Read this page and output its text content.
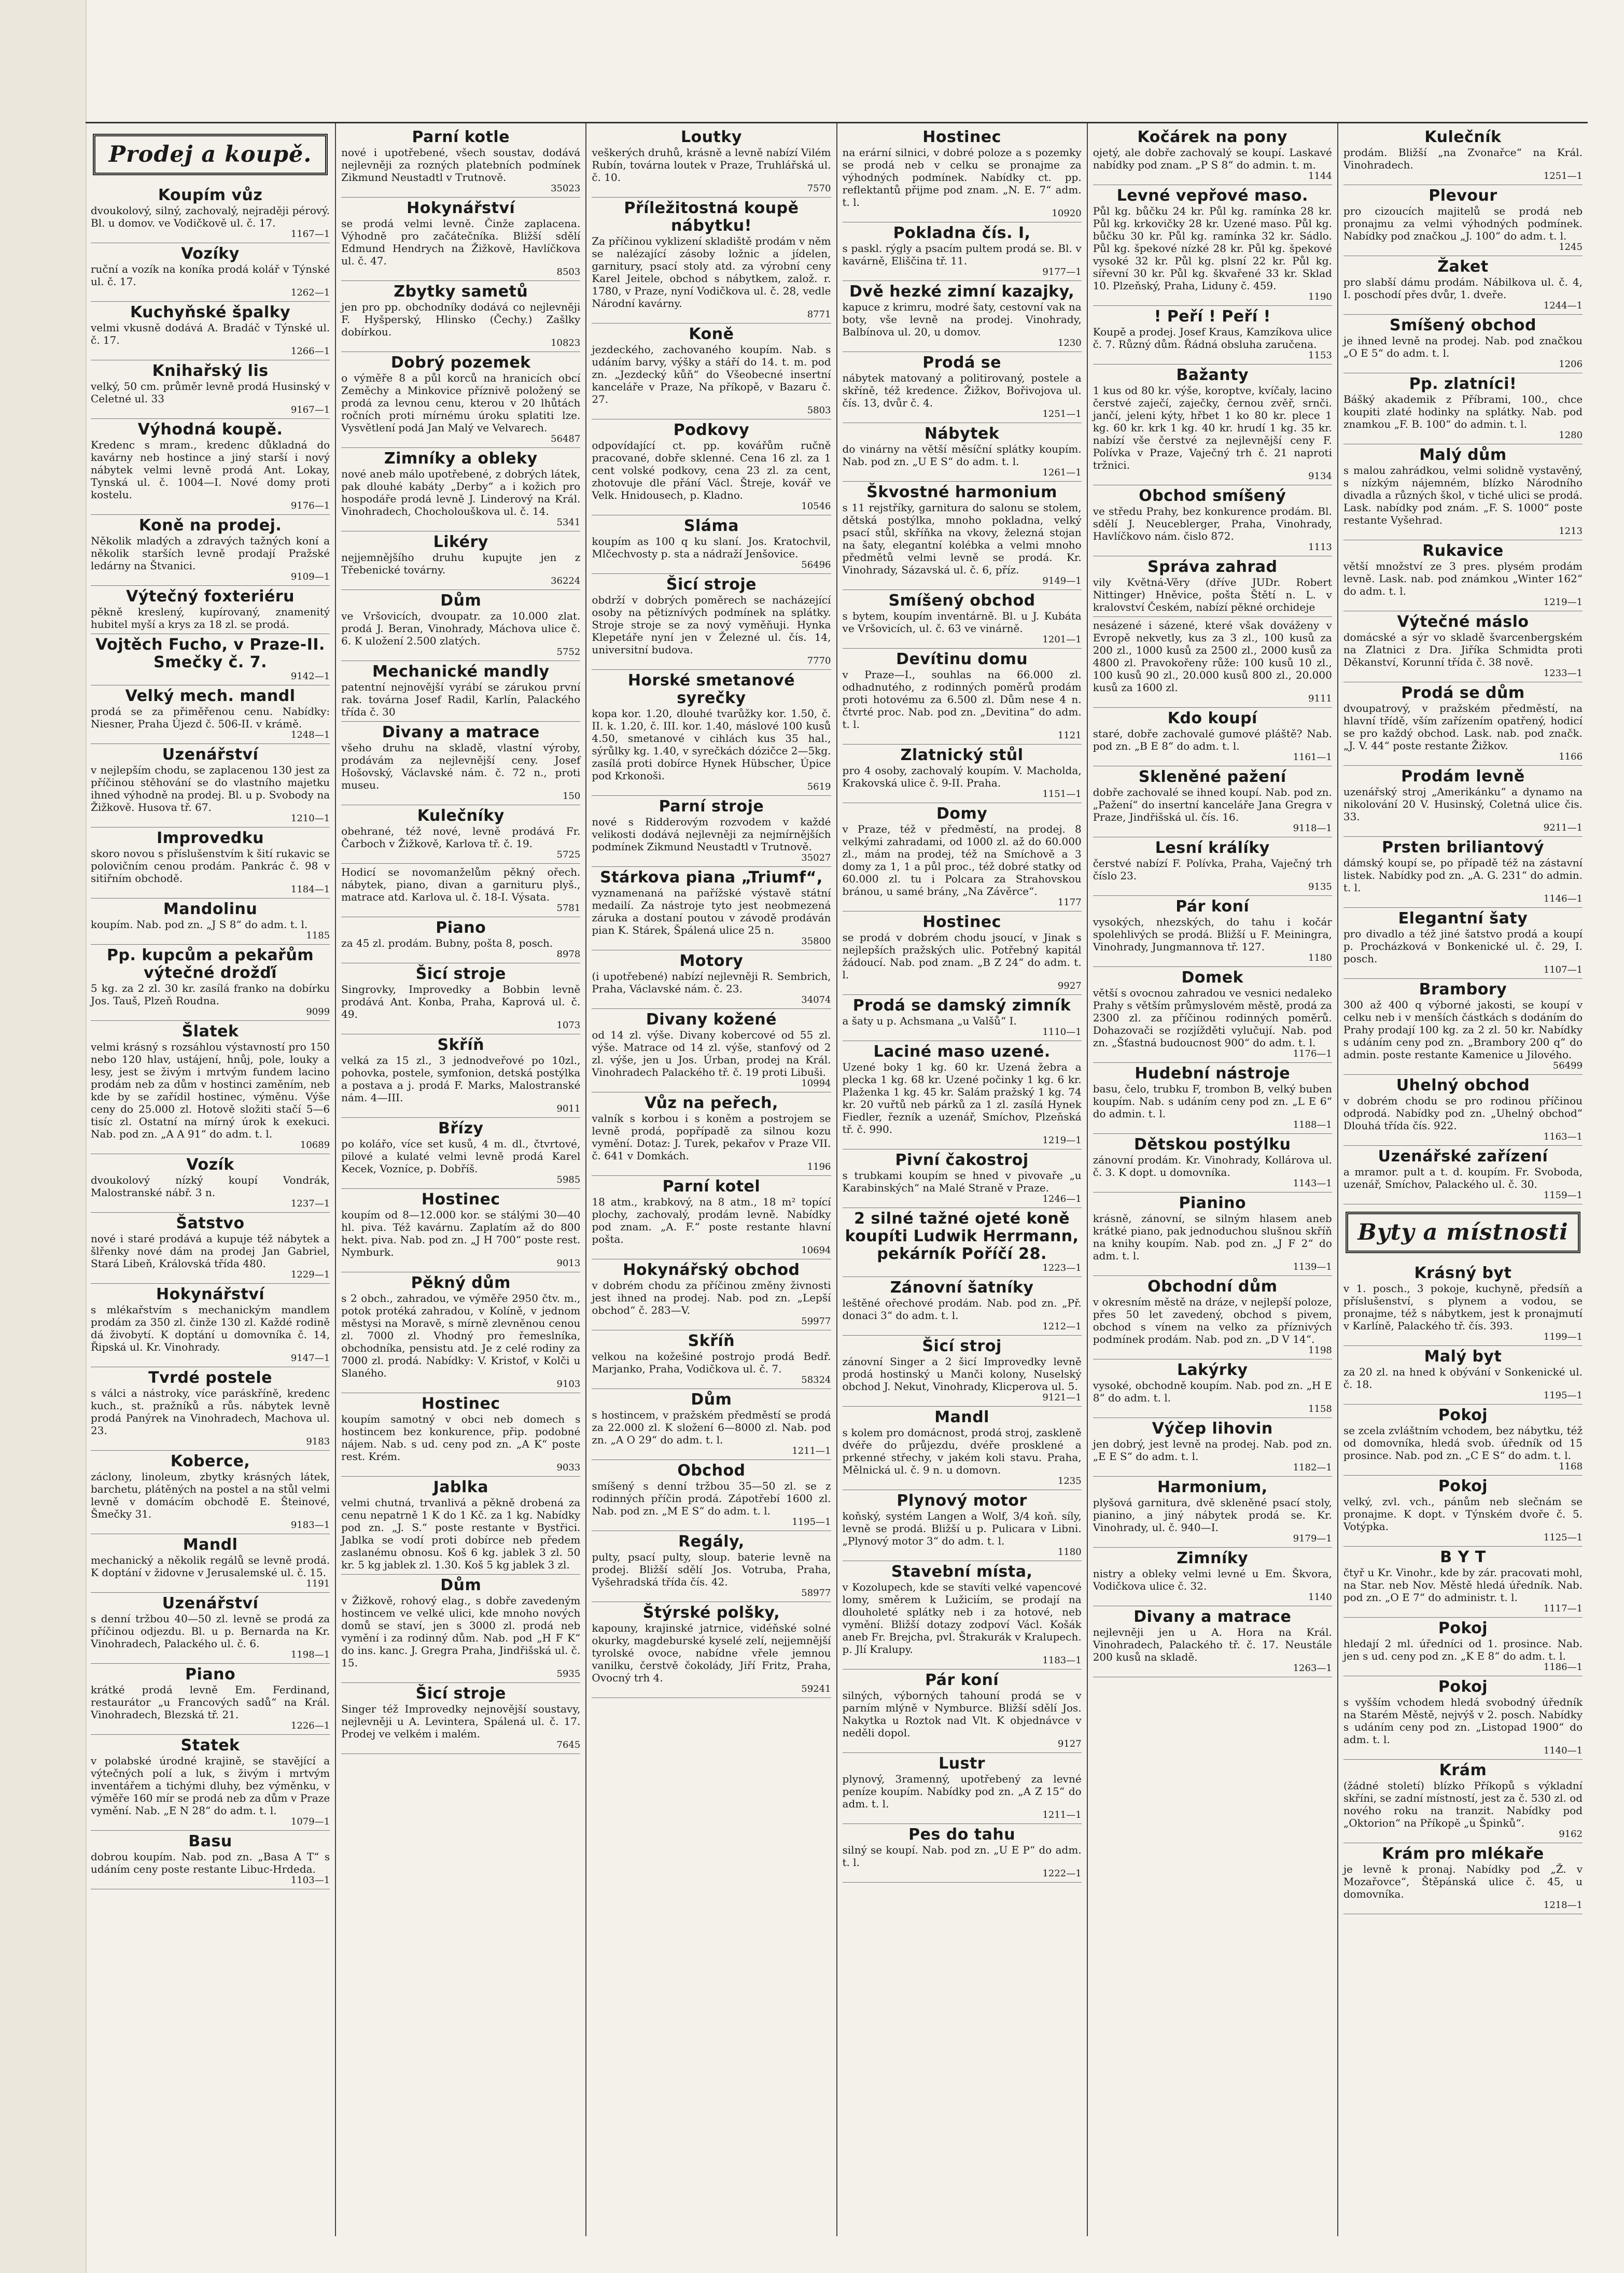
Prodej a koupě.
Koupím vůz

dvoukolový, silný, zachovalý, nejraději pérový. Bl. u domov. ve Vodičkově ul. č. 17.

1167—1
Vozíky

ruční a vozík na koníka prodá kolář v Týnské ul. č. 17.

1262—1
Kuchyňské špalky

velmi vkusně dodává A. Bradáč v Týnské ul. č. 17.

1266—1
Knihařský lis

velký, 50 cm. průměr levně prodá Husinský v Celetné ul. 33

9167—1
Výhodná koupě.

Kredenc s mram., kredenc důkladná do kavárny neb hostince a jiný starší i nový nábytek velmi levně prodá Ant. Lokay, Tynská ul. č. 1004—I. Nové domy proti kostelu.

9176—1
Koně na prodej.

Několik mladých a zdravých tažných koní a několik starších levně prodají Pražské ledárny na Štvanici.

9109—1
Výtečný foxteriéru

pěkně kreslený, kupírovaný, znamenitý hubitel myší a krys za 18 zl. se prodá.

Vojtěch Fucho, v Praze-II. Smečky č. 7.
9142—1
Velký mech. mandl

prodá se za přiměřenou cenu. Nabídky: Niesner, Praha Újezd č. 506-II. v krámě.

1248—1
Uzenářství

v nejlepším chodu, se zaplacenou 130 jest za příčinou stěhování se do vlastního majetku ihned výhodně na prodej. Bl. u p. Svobody na Žižkově. Husova tř. 67.

1210—1
Improvedku

skoro novou s příslušenstvím k šití rukavic se polovičním cenou prodám. Pankrác č. 98 v sitiřním obchodě.

1184—1
Mandolinu

koupím. Nab. pod zn. „J S 8“ do adm. t. l.

1185
Pp. kupcům a pekařům výtečné drožďí

5 kg. za 2 zl. 30 kr. zasílá franko na dobírku Jos. Tauš, Plzeň Roudna.

9099
Šlatek

velmi krásný s rozsáhlou výstavností pro 150 nebo 120 hlav, ustájení, hnůj, pole, louky a lesy, jest se živým i mrtvým fundem lacino prodám neb za dům v hostinci zaměním, neb kde by se zařídil hostinec, výměnu. Výše ceny do 25.000 zl. Hotově složiti stačí 5—6 tisíc zl. Ostatní na mírný úrok k exekuci. Nab. pod zn. „A A 91“ do adm. t. l.

10689
Vozík

dvoukolový nízký koupí Vondrák, Malostranské nábř. 3 n.

1237—1
Šatstvo

nové i staré prodává a kupuje též nábytek a šlřenky nové dám na prodej Jan Gabriel, Stará Libeň, Královská třída 480.

1229—1
Hokynářství

s mlékařstvím s mechanickým mandlem prodám za 350 zl. činže 130 zl. Každé rodině dá živobytí. K doptání u domovníka č. 14, Řipská ul. Kr. Vinohrady.

9147—1
Tvrdé postele

s válci a nástroky, více paráskříně, kredenc kuch., st. pražníků a růs. nábytek levně prodá Panýrek na Vinohradech, Machova ul. 23.

9183
Koberce,

záclony, linoleum, zbytky krásných látek, barchetu, plátěných na postel a na stůl velmi levně v domácím obchodě E. Šteinové, Šmečky 31.

9183—1
Mandl

mechanický a několik regálů se levně prodá. K doptání v židovne v Jerusalemské ul. č. 15.

1191
Uzenářství

s denní tržbou 40—50 zl. levně se prodá za příčinou odjezdu. Bl. u p. Bernarda na Kr. Vinohradech, Palackého ul. č. 6.

1198—1
Piano

krátké prodá levně Em. Ferdinand, restaurátor „u Francových sadů“ na Král. Vinohradech, Blezská tř. 21.

1226—1
Statek

v polabské úrodné krajině, se stavějící a výtečných polí a luk, s živým i mrtvým inventářem a tichými dluhy, bez výměnku, v výměře 160 mír se prodá neb za dům v Praze vymění. Nab. „E N 28“ do adm. t. l.

1079—1
Basu

dobrou koupím. Nab. pod zn. „Basa A T“ s udáním ceny poste restante Libuc-Hrdeda.

1103—1
Parní kotle

nové i upotřebené, všech soustav, dodává nejlevněji za rozných platebních podmínek Zikmund Neustadtl v Trutnově.

35023
Hokynářství

se prodá velmi levně. Činže zaplacena. Výhodně pro začátečníka. Bližší sdělí Edmund Hendrych na Žižkově, Havlíčkova ul. č. 47.

8503
Zbytky sametů

jen pro pp. obchodníky dodává co nejlevněji F. Hyšperský, Hlinsko (Čechy.) Zašlky dobírkou.

10823
Dobrý pozemek

o výměře 8 a půl korců na hranicích obcí Zeměchy a Minkovice příznivě položený se prodá za levnou cenu, kterou v 20 lhůtách ročních proti mírnému úroku splatiti lze. Vysvětlení podá Jan Malý ve Velvarech.

56487
Zimníky a obleky

nové aneb málo upotřebené, z dobrých látek, pak dlouhé kabáty „Derby“ a i kožich pro hospodáře prodá levně J. Linderový na Král. Vinohradech, Chocholouškova ul. č. 14.

5341
Likéry

nejjemnějšího druhu kupujte jen z Třebenické továrny.

36224
Dům

ve Vršovicích, dvoupatr. za 10.000 zlat. prodá J. Beran, Vinohrady, Máchova ulice č. 6. K uložení 2.500 zlatých.

5752
Mechanické mandly

patentní nejnovější vyrábí se zárukou první rak. továrna Josef Radil, Karlín, Palackého třída č. 30

Divany a matrace

všeho druhu na skladě, vlastní výroby, prodávám za nejlevnější ceny. Josef Hošovský, Václavské nám. č. 72 n., proti museu.

150
Kulečníky

obehrané, též nové, levně prodává Fr. Čarboch v Žižkově, Karlova tř. č. 19.

5725

Hodicí se novomanželům pěkný ořech. nábytek, piano, divan a garnituru plyš., matrace atd. Karlova ul. č. 18-I. Výsata.

5781
Piano

za 45 zl. prodám. Bubny, pošta 8, posch.

8978
Šicí stroje

Singrovky, Improvedky a Bobbin levně prodává Ant. Konba, Praha, Kaprová ul. č. 49.

1073
Skříň

velká za 15 zl., 3 jednodveřové po 10zl., pohovka, postele, symfonion, detská postýlka a postava a j. prodá F. Marks, Malostranské nám. 4—III.

9011
Břízy

po kolářo, více set kusů, 4 m. dl., čtvrtové, pilové a kulaté velmi levně prodá Karel Kecek, Vozníce, p. Dobříš.

5985
Hostinec

koupím od 8—12.000 kor. se stálými 30—40 hl. piva. Též kavárnu. Zaplatím až do 800 hekt. piva. Nab. pod zn. „J H 700“ poste rest. Nymburk.

9013
Pěkný dům

s 2 obch., zahradou, ve výměře 2950 čtv. m., potok protéká zahradou, v Kolíně, v jednom městysi na Moravě, s mírně zlevněnou cenou zl. 7000 zl. Vhodný pro řemeslníka, obchodníka, pensistu atd. Je z celé rodiny za 7000 zl. prodá. Nabídky: V. Kristof, v Kolči u Slaného.

9103
Hostinec

koupím samotný v obci neb domech s hostincem bez konkurence, přip. podobné nájem. Nab. s ud. ceny pod zn. „A K“ poste rest. Krém.

9033
Jablka

velmi chutná, trvanlivá a pěkně drobená za cenu nepatrně 1 K do 1 Kč. za 1 kg. Nabídky pod zn. „J. S.“ poste restante v Bystřici. Jablka se vodí proti dobírce neb předem zaslanému obnosu. Koš 6 kg. jablek 3 zl. 50 kr. 5 kg jablek zl. 1.30. Koš 5 kg jablek 3 zl.

Dům

v Žižkově, rohový elag., s dobře zavedeným hostincem ve velké ulici, kde mnoho nových domů se staví, jen s 3000 zl. prodá neb vymění i za rodinný dům. Nab. pod „H F K“ do ins. kanc. J. Gregra Praha, Jindřišská ul. č. 15.

5935
Šicí stroje

Singer též Improvedky nejnovější soustavy, nejlevněji u A. Levintera, Spálená ul. č. 17. Prodej ve velkém i malém.

7645
Loutky

veškerých druhů, krásně a levně nabízí Vilém Rubín, továrna loutek v Praze, Truhlářská ul. č. 10.

7570
Příležitostná koupě nábytku!

Za příčinou vyklizení skladiště prodám v něm se nalézající zásoby ložnic a jídelen, garnitury, psací stoly atd. za výrobní ceny Karel Jeitele, obchod s nábytkem, založ. r. 1780, v Praze, nyní Vodičkova ul. č. 28, vedle Národní kavárny.

8771
Koně

jezdeckého, zachovaného koupím. Nab. s udáním barvy, výšky a stáří do 14. t. m. pod zn. „Jezdecký kůň“ do Všeobecné insertní kanceláře v Praze, Na příkopě, v Bazaru č. 27.

5803
Podkovy

odpovídající ct. pp. kovářům ručně pracované, dobře sklenné. Cena 16 zl. za 1 cent volské podkovy, cena 23 zl. za cent, zhotovuje dle přání Václ. Štreje, kovář ve Velk. Hnidousech, p. Kladno.

10546
Sláma

koupím as 100 q ku slaní. Jos. Kratochvil, Mlčechvosty p. sta a nádraží Jenšovice.

56496
Šicí stroje

obdrží v dobrých poměrech se nacházející osoby na pětiznívých podmínek na splátky. Stroje stroje se za nový vyměňuji. Hynka Klepetáře nyní jen v Železné ul. čís. 14, universitní budova.

7770
Horské smetanové syrečky

kopa kor. 1.20, dlouhé tvarůžky kor. 1.50, č. II. k. 1.20, č. III. kor. 1.40, máslové 100 kusů 4.50, smetanové v cihlách kus 35 hal., sýrůlky kg. 1.40, v syrečkách dózičce 2—5kg. zasílá proti dobírce Hynek Hübscher, Úpice pod Krkonoši.

5619
Parní stroje

nové s Ridderovým rozvodem v každé velikosti dodává nejlevněji za nejmírnějších podmínek Zikmund Neustadtl v Trutnově.

35027
Stárkova piana „Triumf“,

vyznamenaná na pařížské výstavě státní medailí. Za nástroje tyto jest neobmezená záruka a dostaní poutou v závodě prodáván pian K. Stárek, Špálená ulice 25 n.

35800
Motory

(i upotřebené) nabízí nejlevněji R. Sembrich, Praha, Václavské nám. č. 23.

34074
Divany kožené

od 14 zl. výše. Divany kobercové od 55 zl. výše. Matrace od 14 zl. výše, stanfový od 2 zl. výše, jen u Jos. Úrban, prodej na Král. Vinohradech Palackého tř. č. 19 proti Libuši.

10994
Vůz na peřech,

valník s korbou i s koněm a postrojem se levně prodá, popřípadě za silnou kozu vymění. Dotaz: J. Turek, pekařov v Praze VII. č. 641 v Domkách.

1196
Parní kotel

18 atm., krabkový, na 8 atm., 18 m² topící plochy, zachovalý, prodám levně. Nabídky pod znam. „A. F.“ poste restante hlavní pošta.

10694
Hokynářský obchod

v dobrém chodu za příčinou změny živnosti jest ihned na prodej. Nab. pod zn. „Lepší obchod“ č. 283—V.

59977
Skříň

velkou na kožešiné postrojo prodá Bedř. Marjanko, Praha, Vodičkova ul. č. 7.

58324
Dům

s hostincem, v pražském předměstí se prodá za 22.000 zl. K složení 6—8000 zl. Nab. pod zn. „A O 29“ do adm. t. l.

1211—1
Obchod

smíšený s denní tržbou 35—50 zl. se z rodinných příčin prodá. Zápotřebí 1600 zl. Nab. pod zn. „M E S“ do adm. t. l.

1195—1
Regály,

pulty, psací pulty, sloup. baterie levně na prodej. Bližší sdělí Jos. Votruba, Praha, Vyšehradská třída čís. 42.

58977
Štýrské polšky,

kapouny, krajinské jatrnice, vidéňské solné okurky, magdeburské kyselé zelí, nejjemnější tyrolské ovoce, nabídne vřele jemnou vanilku, čerstvě čokolády, Jiří Fritz, Praha, Ovocný trh 4.

59241
Hostinec

na erární silnici, v dobré poloze a s pozemky se prodá neb v celku se pronajme za výhodných podmínek. Nabídky ct. pp. reflektantů přijme pod znam. „N. E. 7“ adm. t. l.

10920
Pokladna čís. I,

s paskl. rýgly a psacím pultem prodá se. Bl. v kavárně, Eliščina tř. 11.

9177—1
Dvě hezké zimní kazajky,

kapuce z krimru, modré šaty, cestovní vak na boty, vše levně na prodej. Vinohrady, Balbínova ul. 20, u domov.

1230
Prodá se

nábytek matovaný a politirovaný, postele a skříně, též kredence. Žižkov, Bořivojova ul. čís. 13, dvůr č. 4.

1251—1
Nábytek

do vinárny na větší měsíční splátky koupím. Nab. pod zn. „U E S“ do adm. t. l.

1261—1
Škvostné harmonium

s 11 rejstříky, garnitura do salonu se stolem, dětská postýlka, mnoho pokladna, velký psací stůl, skříňka na vkovy, železná stojan na šaty, elegantní kolébka a velmi mnoho předmětů velmi levně se prodá. Kr. Vinohrady, Sázavská ul. č. 6, příz.

9149—1
Smíšený obchod

s bytem, koupím inventárně. Bl. u J. Kubáta ve Vršovicích, ul. č. 63 ve vinárně.

1201—1
Devítinu domu

v Praze—I., souhlas na 66.000 zl. odhadnutého, z rodinných poměrů prodám proti hotovému za 6.500 zl. Dům nese 4 n. čtvrté proc. Nab. pod zn. „Devitina“ do adm. t. l.

1121
Zlatnický stůl

pro 4 osoby, zachovalý koupím. V. Macholda, Krakovská ulice č. 9-II. Praha.

1151—1
Domy

v Praze, též v předměstí, na prodej. 8 velkými zahradami, od 1000 zl. až do 60.000 zl., mám na prodej, též na Smíchově a 3 domy za 1, 1 a půl proc., též dobré statky od 60.000 zl. tu i Polcara za Strahovskou bránou, u samé brány, „Na Závěrce“.

1177
Hostinec

se prodá v dobrém chodu jsoucí, v Jinak s nejlepších pražských ulic. Potřebný kapitál žádoucí. Nab. pod znam. „B Z 24“ do adm. t. l.

9927
Prodá se damský zimník

a šaty u p. Achsmana „u Valšů“ I.

1110—1
Laciné maso uzené.

Uzené boky 1 kg. 60 kr. Uzená žebra a plecka 1 kg. 68 kr. Uzené počinky 1 kg. 6 kr. Plaženka 1 kg. 45 kr. Salám pražský 1 kg. 74 kr. 20 vuřtů neb párků za 1 zl. zasílá Hynek Fiedler, řezník a uzenář, Smíchov, Plzeňská tř. č. 990.

1219—1
Pivní čakostroj

s trubkami koupím se hned v pivovaře „u Karabinských“ na Malé Straně v Praze.

1246—1
2 silné tažné ojeté koně koupíti Ludwik Herrmann, pekárník Poříčí 28.
1223—1
Zánovní šatníky

leštěné ořechové prodám. Nab. pod zn. „Př. donaci 3“ do adm. t. l.

1212—1
Šicí stroj

zánovní Singer a 2 šicí Improvedky levně prodá hostinský u Manči kolony, Nuselský obchod J. Nekut, Vinohrady, Klicperova ul. 5.

9121—1
Mandl

s kolem pro domácnost, prodá stroj, zaskleně dvéře do průjezdu, dvéře prosklené a prkenné střechy, v jakém koli stavu. Praha, Mělnická ul. č. 9 n. u domovn.

1235
Plynový motor

koňský, systém Langen a Wolf, 3/4 koň. síly, levně se prodá. Bližší u p. Pulicara v Libni. „Plynový motor 3“ do adm. t. l.

1180
Stavební místa,

v Kozolupech, kde se stavíti velké vapencové lomy, směrem k Lužiciím, se prodají na dlouholeté splátky neb i za hotové, neb vymění. Bližší dotazy zodpoví Václ. Košák aneb Fr. Brejcha, pvl. Štrakurák v Kralupech. p. Jlí Kralupy.

1183—1
Pár koní

silných, výborných tahouní prodá se v parním mlýně v Nymburce. Bližší sdělí Jos. Nakytka u Roztok nad Vlt. K objednávce v neděli dopol.

9127
Lustr

plynový, 3ramenný, upotřebený za levné peníze koupím. Nabídky pod zn. „A Z 15“ do adm. t. l.

1211—1
Pes do tahu

silný se koupí. Nab. pod zn. „U E P“ do adm. t. l.

1222—1
Kočárek na pony

ojetý, ale dobře zachovalý se koupí. Laskavé nabídky pod znam. „P S 8“ do admin. t. m.

1144
Levné vepřové maso.

Půl kg. bůčku 24 kr. Půl kg. ramínka 28 kr. Půl kg. krkovičky 28 kr. Uzené maso. Půl kg. bůčku 30 kr. Půl kg. ramínka 32 kr. Sádlo. Půl kg. špekové nízké 28 kr. Půl kg. špekové vysoké 32 kr. Půl kg. plsní 22 kr. Půl kg. sířevní 30 kr. Půl kg. škvařené 33 kr. Sklad 10. Plzeňský, Praha, Liduny č. 459.

1190
! Peří ! Peří !

Koupě a prodej. Josef Kraus, Kamzíkova ulice č. 7. Různý dům. Řádná obsluha zaručena.

1153
Bažanty

1 kus od 80 kr. výše, koroptve, kvíčaly, lacino čerstvé zaječí, zaječky, černou zvěř, srnči. jančí, jeleni kýty, hřbet 1 ko 80 kr. plece 1 kg. 60 kr. krk 1 kg. 40 kr. hrudí 1 kg. 35 kr. nabízí vše čerstvé za nejlevnější ceny F. Polívka v Praze, Vaječný trh č. 21 naproti tržnici.

9134
Obchod smíšený

ve středu Prahy, bez konkurence prodám. Bl. sdělí J. Neuceblerger, Praha, Vinohrady, Havlíčkovo nám. čislo 872.

1113
Správa zahrad

vily Květná-Věry (dříve JUDr. Robert Nittinger) Hněvice, pošta Štětí n. L. v kralovství Českém, nabízí pěkné orchideje

nesázené i sázené, které však dováženy v Evropě nekvetly, kus za 3 zl., 100 kusů za 200 zl., 1000 kusů za 2500 zl., 2000 kusů za 4800 zl. Pravokořeny růže: 100 kusů 10 zl., 100 kusů 90 zl., 20.000 kusů 800 zl., 20.000 kusů za 1600 zl.

9111
Kdo koupí

staré, dobře zachovalé gumové pláště? Nab. pod zn. „B E 8“ do adm. t. l.

1161—1
Skleněné pažení

dobře zachovalé se ihned koupí. Nab. pod zn. „Pažení“ do insertní kanceláře Jana Gregra v Praze, Jindřišská ul. čís. 16.

9118—1
Lesní králíky

čerstvé nabízí F. Polívka, Praha, Vaječný trh číslo 23.

9135
Pár koní

vysokých, nhezských, do tahu i kočár spolehlivých se prodá. Bližší u F. Meiningra, Vinohrady, Jungmannova tř. 127.

1180
Domek

větší s ovocnou zahradou ve vesnici nedaleko Prahy s větším průmyslovém městě, prodá za 2300 zl. za příčinou rodinných poměrů. Dohazovači se rozjížděti vylučují. Nab. pod zn. „Šťastná budoucnost 900“ do adm. t. l.

1176—1
Hudební nástroje

basu, čelo, trubku F, trombon B, velký buben koupím. Nab. s udáním ceny pod zn. „L E 6“ do admin. t. l.

1188—1
Dětskou postýlku

zánovní prodám. Kr. Vinohrady, Kollárova ul. č. 3. K dopt. u domovníka.

1143—1
Pianino

krásně, zánovní, se silným hlasem aneb krátké piano, pak jednoduchou slušnou skříň na knihy koupím. Nab. pod zn. „J F 2“ do adm. t. l.

1139—1
Obchodní dům

v okresním městě na dráze, v nejlepší poloze, přes 50 let zavedený, obchod s pivem, obchod s vínem na velko za příznivých podmínek prodám. Nab. pod zn. „D V 14“.

1198
Lakýrky

vysoké, obchodně koupím. Nab. pod zn. „H E 8“ do adm. t. l.

1158
Výčep lihovin

jen dobrý, jest levně na prodej. Nab. pod zn. „E E S“ do adm. t. l.

1182—1
Harmonium,

plyšová garnitura, dvě skleněné psací stoly, pianino, a jiný nábytek prodá se. Kr. Vinohrady, ul. č. 940—I.

9179—1
Zimníky

nistry a obleky velmi levné u Em. Škvora, Vodičkova ulice č. 32.

1140
Divany a matrace

nejlevněji jen u A. Hora na Král. Vinohradech, Palackého tř. č. 17. Neustále 200 kusů na skladě.

1263—1
Kulečník

prodám. Bližší „na Zvonařce“ na Král. Vinohradech.

1251—1
Plevour

pro cizoucích majitelů se prodá neb pronajmu za velmi výhodných podmínek. Nabídky pod značkou „J. 100“ do adm. t. l.

1245
Žaket

pro slabší dámu prodám. Nábilkova ul. č. 4, I. poschodí přes dvůr, 1. dveře.

1244—1
Smíšený obchod

je ihned levně na prodej. Nab. pod značkou „O E 5“ do adm. t. l.

1206
Pp. zlatníci!

Bášký akademik z Příbrami, 100., chce koupiti zlaté hodinky na splátky. Nab. pod znamkou „F. B. 100“ do admin. t. l.

1280
Malý dům

s malou zahrádkou, velmi solidně vystavěný, s nízkým nájemném, blízko Národního divadla a různých škol, v tiché ulici se prodá. Lask. nabídky pod znám. „F. S. 1000“ poste restante Vyšehrad.

1213
Rukavice

větší množství ze 3 pres. plysém prodám levně. Lask. nab. pod známkou „Winter 162“ do adm. t. l.

1219—1
Výtečné máslo

domácské a sýr vo skladě švarcenbergském na Zlatnici z Dra. Jiříka Schmidta proti Děkanství, Korunní třída č. 38 nově.

1233—1
Prodá se dům

dvoupatrový, v pražském předměstí, na hlavní třídě, vším zařízením opatřený, hodicí se pro každý obchod. Lask. nab. pod značk. „J. V. 44“ poste restante Žižkov.

1166
Prodám levně

uzenářský stroj „Amerikánku“ a dynamo na nikolování 20 V. Husinský, Coletná ulice čis. 33.

9211—1
Prsten briliantový

dámský koupí se, po případě též na zástavní listek. Nabídky pod zn. „A. G. 231“ do admin. t. l.

1146—1
Elegantní šaty

pro divadlo a též jiné šatstvo prodá a koupí p. Procházková v Bonkenické ul. č. 29, I. posch.

1107—1
Brambory

300 až 400 q výborné jakosti, se koupí v celku neb i v menších částkách s dodáním do Prahy prodají 100 kg. za 2 zl. 50 kr. Nabídky s udáním ceny pod zn. „Brambory 200 q“ do admin. poste restante Kamenice u Jilového.

56499
Uhelný obchod

v dobrém chodu se pro rodinou příčinou odprodá. Nabídky pod zn. „Uhelný obchod“ Dlouhá třída čís. 922.

1163—1
Uzenářské zařízení

a mramor. pult a t. d. koupím. Fr. Svoboda, uzenář, Smíchov, Palackého ul. č. 30.

1159—1
Byty a místnosti
Krásný byt

v 1. posch., 3 pokoje, kuchyně, předsíň a příslušenství, s plynem a vodou, se pronajme, též s nábytkem, jest k pronajmutí v Karlíně, Palackého tř. čís. 393.

1199—1
Malý byt

za 20 zl. na hned k obývání v Sonkenické ul. č. 18.

1195—1
Pokoj

se zcela zvláštním vchodem, bez nábytku, též od domovníka, hledá svob. úředník od 15 prosince. Nab. pod zn. „C E S“ do adm. t. l.

1168
Pokoj

velký, zvl. vch., pánům neb slečnám se pronajme. K dopt. v Týnském dvoře č. 5. Votýpka.

1125—1
B Y T

čtyř u Kr. Vinohr., kde by zár. pracovati mohl, na Star. neb Nov. Městě hledá úředník. Nab. pod zn. „O E 7“ do administr. t. l.

1117—1
Pokoj

hledají 2 ml. úředníci od 1. prosince. Nab. jen s ud. ceny pod zn. „K E 8“ do adm. t. l.

1186—1
Pokoj

s vyšším vchodem hledá svobodný úředník na Starém Městě, nejvýš v 2. posch. Nabídky s udáním ceny pod zn. „Listopad 1900“ do adm. t. l.

1140—1
Krám

(žádné století) blízko Příkopů s výkladní skříni, se zadní místností, jest za č. 530 zl. od nového roku na tranzit. Nabídky pod „Oktorion“ na Příkopě „u Špinků“.

9162
Krám pro mlékaře

je levně k pronaj. Nabídky pod „Ž. v Mozařovce“, Štěpánská ulice č. 45, u domovníka.

1218—1
